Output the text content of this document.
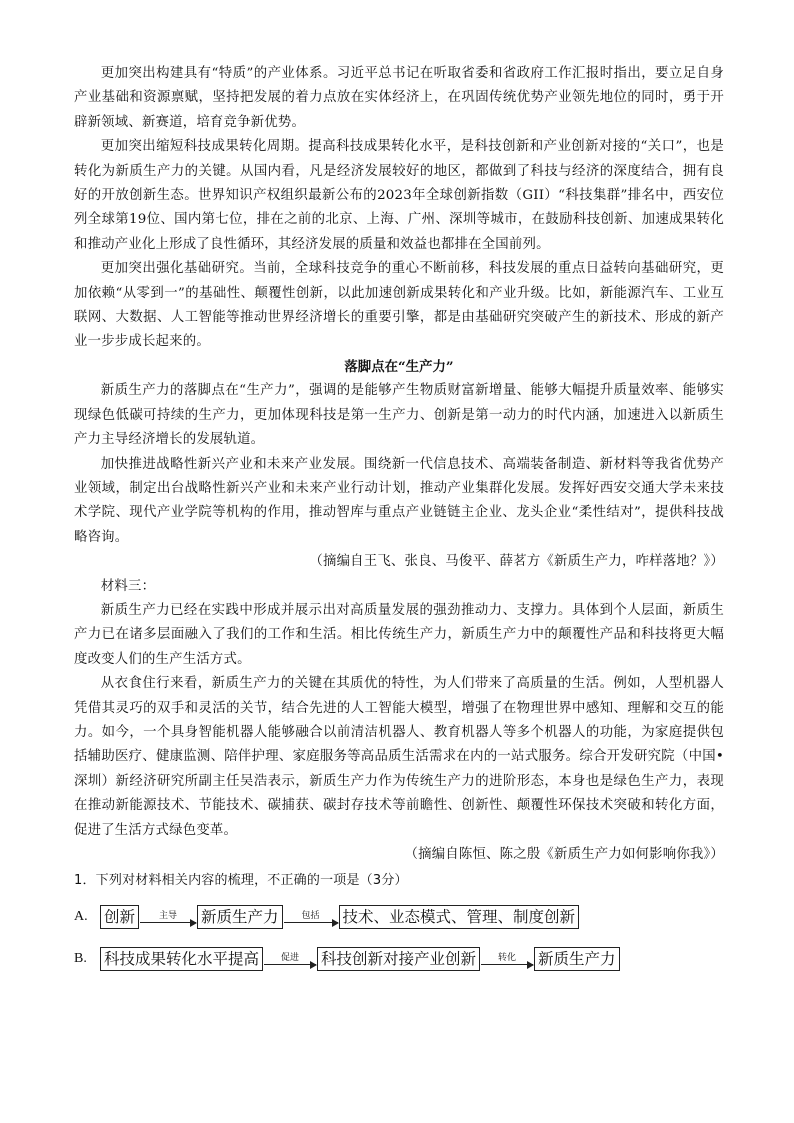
更加突出构建具有“特质”的产业体系。习近平总书记在听取省委和省政府工作汇报时指出，要立足自身产业基础和资源禀赋，坚持把发展的着力点放在实体经济上，在巩固传统优势产业领先地位的同时，勇于开辟新领域、新赛道，培育竞争新优势。

更加突出缩短科技成果转化周期。提高科技成果转化水平，是科技创新和产业创新对接的“关口”，也是转化为新质生产力的关键。从国内看，凡是经济发展较好的地区，都做到了科技与经济的深度结合，拥有良好的开放创新生态。世界知识产权组织最新公布的2023年全球创新指数（GII）“科技集群”排名中，西安位列全球第19位、国内第七位，排在之前的北京、上海、广州、深圳等城市，在鼓励科技创新、加速成果转化和推动产业化上形成了良性循环，其经济发展的质量和效益也都排在全国前列。

更加突出强化基础研究。当前，全球科技竞争的重心不断前移，科技发展的重点日益转向基础研究，更加依赖“从零到一”的基础性、颠覆性创新，以此加速创新成果转化和产业升级。比如，新能源汽车、工业互联网、大数据、人工智能等推动世界经济增长的重要引擎，都是由基础研究突破产生的新技术、形成的新产业一步步成长起来的。

落脚点在“生产力”

新质生产力的落脚点在“生产力”，强调的是能够产生物质财富新增量、能够大幅提升质量效率、能够实现绿色低碳可持续的生产力，更加体现科技是第一生产力、创新是第一动力的时代内涵，加速进入以新质生产力主导经济增长的发展轨道。

加快推进战略性新兴产业和未来产业发展。围绕新一代信息技术、高端装备制造、新材料等我省优势产业领域，制定出台战略性新兴产业和未来产业行动计划，推动产业集群化发展。发挥好西安交通大学未来技术学院、现代产业学院等机构的作用，推动智库与重点产业链链主企业、龙头企业“柔性结对”，提供科技战略咨询。

（摘编自王飞、张良、马俊平、薛茗方《新质生产力，咋样落地？》）

材料三：

新质生产力已经在实践中形成并展示出对高质量发展的强劲推动力、支撑力。具体到个人层面，新质生产力已在诸多层面融入了我们的工作和生活。相比传统生产力，新质生产力中的颠覆性产品和科技将更大幅度改变人们的生产生活方式。

从衣食住行来看，新质生产力的关键在其质优的特性，为人们带来了高质量的生活。例如，人型机器人凭借其灵巧的双手和灵活的关节，结合先进的人工智能大模型，增强了在物理世界中感知、理解和交互的能力。如今，一个具身智能机器人能够融合以前清洁机器人、教育机器人等多个机器人的功能，为家庭提供包括辅助医疗、健康监测、陪伴护理、家庭服务等高品质生活需求在内的一站式服务。综合开发研究院（中国•深圳）新经济研究所副主任吴浩表示，新质生产力作为传统生产力的进阶形态，本身也是绿色生产力，表现在推动新能源技术、节能技术、碳捕获、碳封存技术等前瞻性、创新性、颠覆性环保技术突破和转化方面，促进了生活方式绿色变革。

（摘编自陈恒、陈之殷《新质生产力如何影响你我》）

1．下列对材料相关内容的梳理，不正确的一项是（3分）

A.	创新	主导 新质生产力	包括 技术、业态模式、管理、制度创新
B.	科技成果转化水平提高	促进 科技创新对接产业创新	转化 新质生产力
